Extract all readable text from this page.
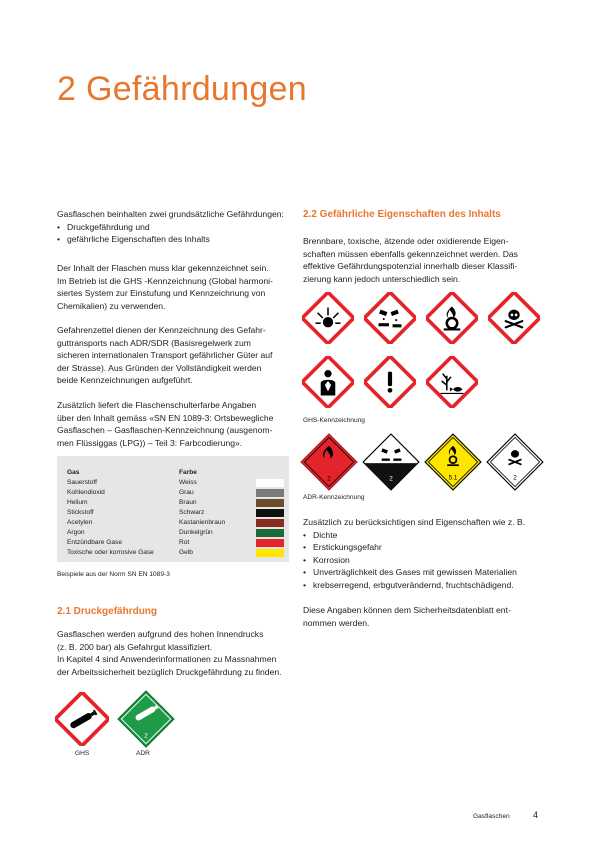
2 Gefährdungen

Gasflaschen beinhalten zwei grundsätzliche Gefährdungen:

• Druckgefährdung und
• gefährliche Eigenschaften des Inhalts

Der Inhalt der Flaschen muss klar gekennzeichnet sein.

Im Betrieb ist die GHS -Kennzeichnung (Global harmoni-

siertes System zur Einstufung und Kennzeichnung von

Chemikalien) zu verwenden.

Gefahrenzettel dienen der Kennzeichnung des Gefahr-

guttransports nach ADR/SDR (Basisregelwerk zum

sicheren internationalen Transport gefährlicher Güter auf

der Strasse). Aus Gründen der Vollständigkeit werden

beide Kennzeichnungen aufgeführt.

Zusätzlich liefert die Flaschenschulterfarbe Angaben

über den Inhalt gemäss «SN EN 1089-3: Ortsbewegliche

Gasflaschen – Gasflaschen-Kennzeichnung (ausgenom-

men Flüssiggas (LPG)) – Teil 3: Farbcodierung».

Gas	Farbe
Sauerstoff	Weiss
Kohlendioxid	Grau
Helium	Braun
Stickstoff	Schwarz
Acetylen	Kastanienbraun
Argon	Dunkelgrün
Entzündbare Gase	Rot
Toxische oder korrosive Gase	Gelb
Beispiele aus der Norm SN EN 1089-3

2.1 Druckgefährdung

Gasflaschen werden aufgrund des hohen Innendrucks

(z. B. 200 bar) als Gefahrgut klassifiziert.

In Kapitel 4 sind Anwenderinformationen zu Massnahmen

der Arbeitssicherheit bezüglich Druckgefährdung zu finden.

GHS
2
ADR

2.2 Gefährliche Eigenschaften des Inhalts

Brennbare, toxische, ätzende oder oxidierende Eigen-

schaften müssen ebenfalls gekennzeichnet werden. Das

effektive Gefährdungspotenzial innerhalb dieser Klassifi-

zierung kann jedoch unterschiedlich sein.

GHS-Kennzeichnung
2	2	5.1	2
ADR-Kennzeichnung

Zusätzlich zu berücksichtigen sind Eigenschaften wie z. B.

• Dichte
• Erstickungsgefahr
• Korrosion
• Unverträglichkeit des Gases mit gewissen Materialien
• krebserregend, erbgutverändernd, fruchtschädigend.

Diese Angaben können dem Sicherheitsdatenblatt ent-

nommen werden.

Gasflaschen	4
